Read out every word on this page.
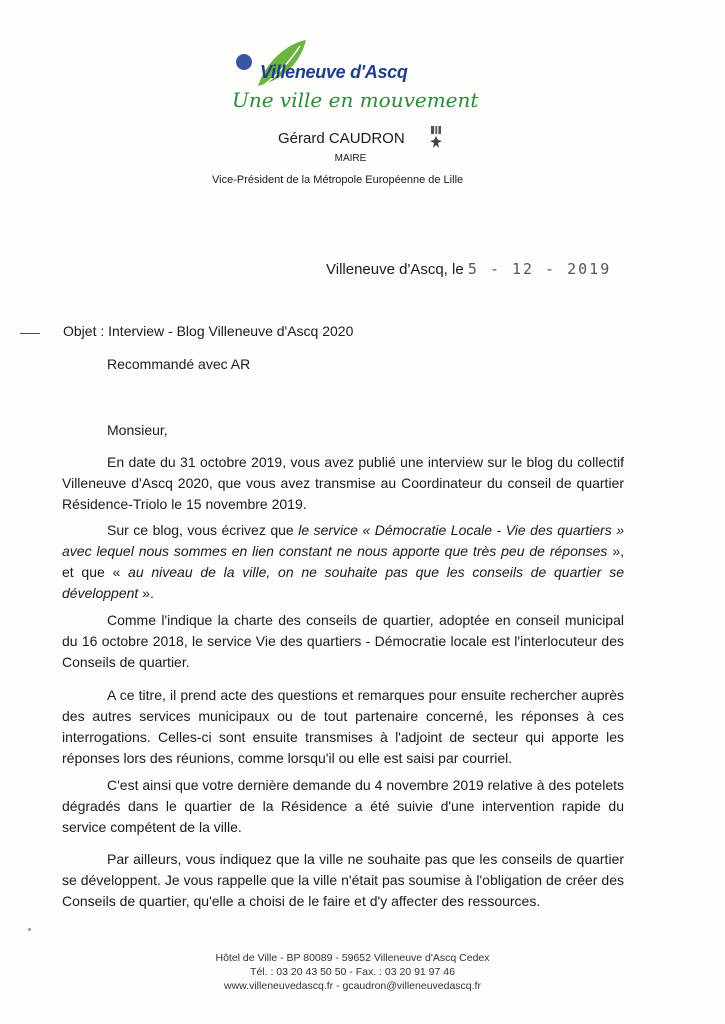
Villeneuve d'Ascq
Une ville en mouvement
Gérard CAUDRON
MAIRE
Vice-Président de la Métropole Européenne de Lille
Villeneuve d'Ascq, le 5 - 12 - 2019
Objet : Interview - Blog Villeneuve d'Ascq 2020
Recommandé avec AR
Monsieur,

En date du 31 octobre 2019, vous avez publié une interview sur le blog du collectif Villeneuve d'Ascq 2020, que vous avez transmise au Coordinateur du conseil de quartier Résidence-Triolo le 15 novembre 2019.

Sur ce blog, vous écrivez que le service « Démocratie Locale - Vie des quartiers » avec lequel nous sommes en lien constant ne nous apporte que très peu de réponses », et que « au niveau de la ville, on ne souhaite pas que les conseils de quartier se développent ».

Comme l'indique la charte des conseils de quartier, adoptée en conseil municipal du 16 octobre 2018, le service Vie des quartiers - Démocratie locale est l'interlocuteur des Conseils de quartier.

A ce titre, il prend acte des questions et remarques pour ensuite rechercher auprès des autres services municipaux ou de tout partenaire concerné, les réponses à ces interrogations. Celles-ci sont ensuite transmises à l'adjoint de secteur qui apporte les réponses lors des réunions, comme lorsqu'il ou elle est saisi par courriel.

C'est ainsi que votre dernière demande du 4 novembre 2019 relative à des potelets dégradés dans le quartier de la Résidence a été suivie d'une intervention rapide du service compétent de la ville.

Par ailleurs, vous indiquez que la ville ne souhaite pas que les conseils de quartier se développent. Je vous rappelle que la ville n'était pas soumise à l'obligation de créer des Conseils de quartier, qu'elle a choisi de le faire et d'y affecter des ressources.

Hôtel de Ville - BP 80089 - 59652 Villeneuve d'Ascq Cedex
Tél. : 03 20 43 50 50 - Fax. : 03 20 91 97 46
www.villeneuvedascq.fr - gcaudron@villeneuvedascq.fr
